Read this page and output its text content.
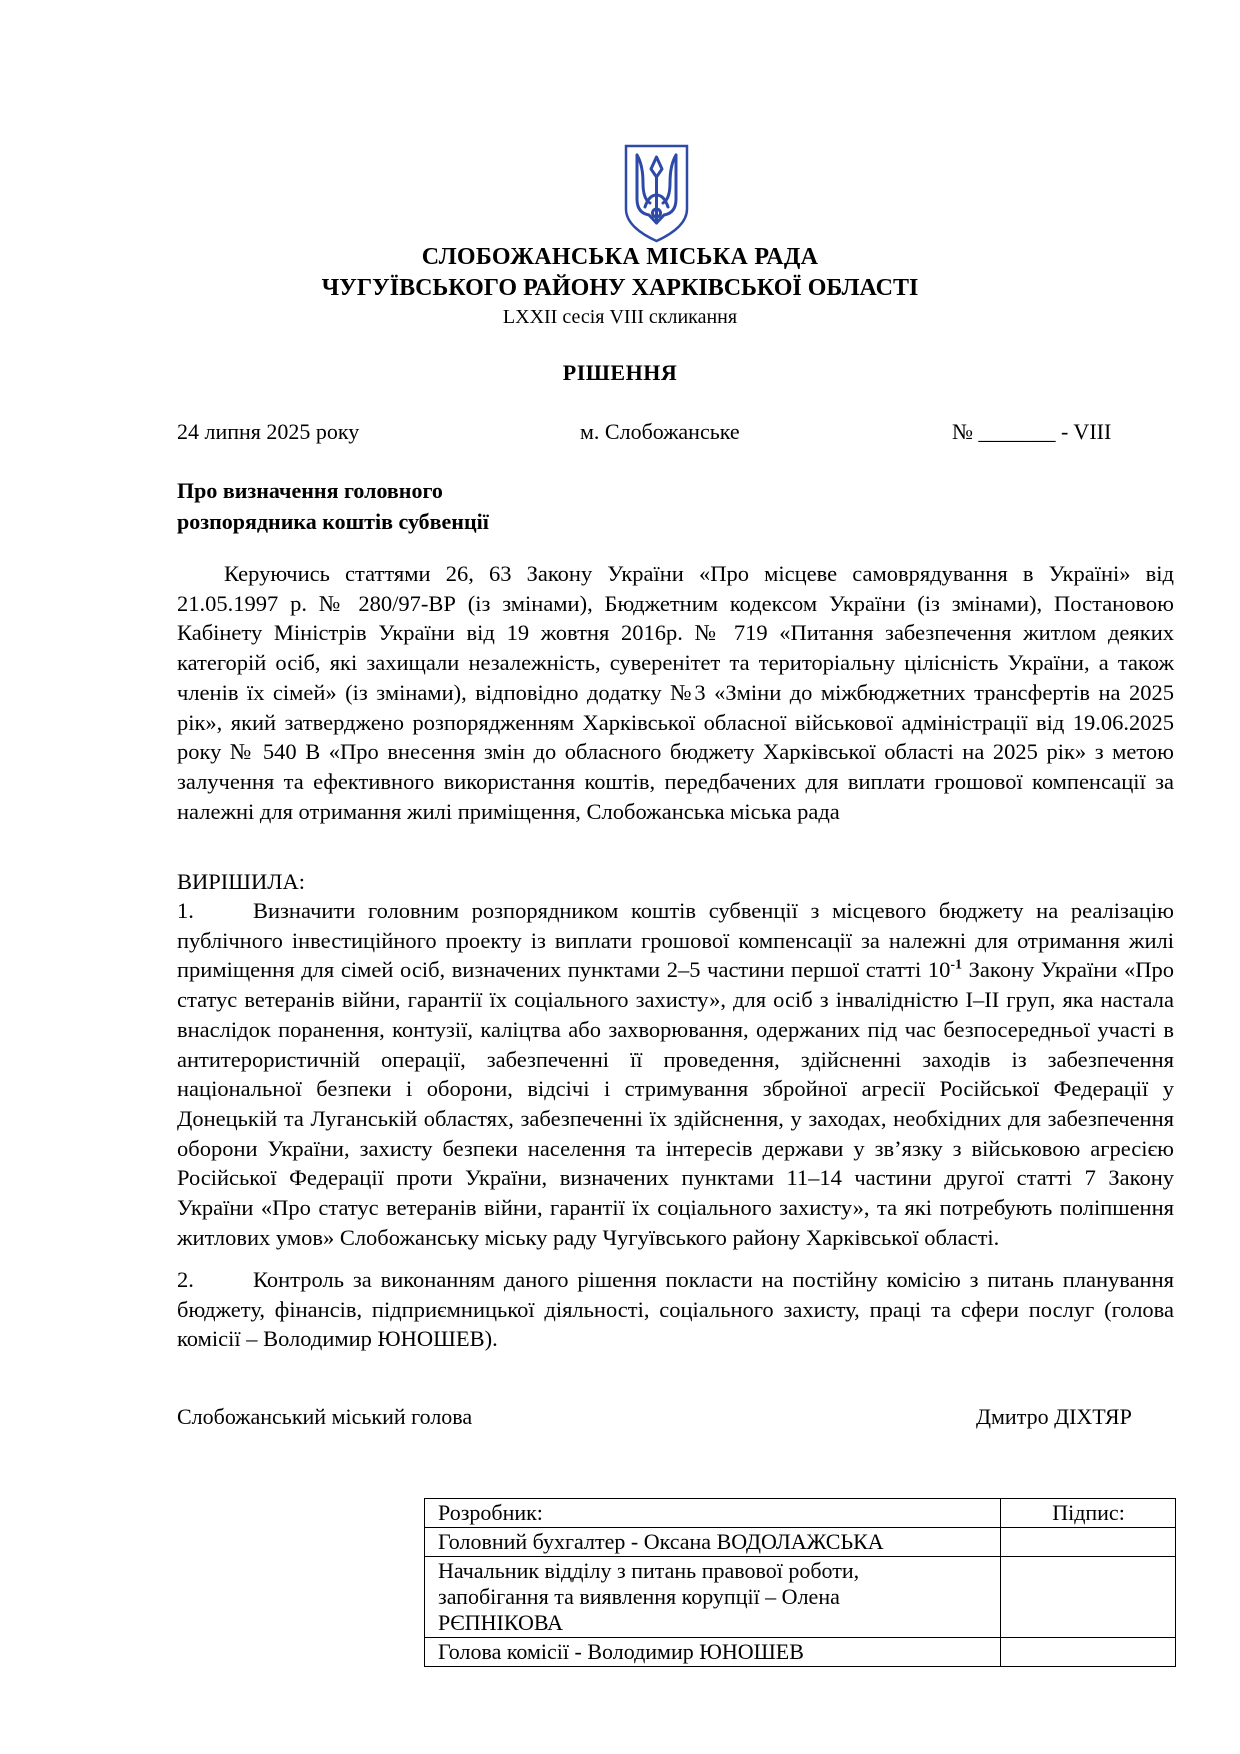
СЛОБОЖАНСЬКА МІСЬКА РАДА
ЧУГУЇВСЬКОГО РАЙОНУ ХАРКІВСЬКОЇ ОБЛАСТІ
LXXII сесія VIII скликання
РІШЕННЯ
24 липня 2025 року	м. Слобожанське	№ _______ - VIII
Про визначення головного
розпорядника коштів субвенції
Керуючись статтями 26, 63 Закону України «Про місцеве самоврядування в Україні» від 21.05.1997 р. № 280/97-ВР (із змінами), Бюджетним кодексом України (із змінами), Постановою Кабінету Міністрів України від 19 жовтня 2016р. № 719 «Питання забезпечення житлом деяких категорій осіб, які захищали незалежність, суверенітет та територіальну цілісність України, а також членів їх сімей» (із змінами), відповідно додатку №3 «Зміни до міжбюджетних трансфертів на 2025 рік», який затверджено розпорядженням Харківської обласної військової адміністрації від 19.06.2025 року № 540 В «Про внесення змін до обласного бюджету Харківської області на 2025 рік» з метою залучення та ефективного використання коштів, передбачених для виплати грошової компенсації за належні для отримання жилі приміщення, Слобожанська міська рада
ВИРІШИЛА:
1.	Визначити головним розпорядником коштів субвенції з місцевого бюджету на реалізацію публічного інвестиційного проекту із виплати грошової компенсації за належні для отримання жилі приміщення для сімей осіб, визначених пунктами 2–5 частини першої статті $10^{-1}$ Закону України «Про статус ветеранів війни, гарантії їх соціального захисту», для осіб з інвалідністю I–II груп, яка настала внаслідок поранення, контузії, каліцтва або захворювання, одержаних під час безпосередньої участі в антитерористичній операції, забезпеченні її проведення, здійсненні заходів із забезпечення національної безпеки і оборони, відсічі і стримування збройної агресії Російської Федерації у Донецькій та Луганській областях, забезпеченні їх здійснення, у заходах, необхідних для забезпечення оборони України, захисту безпеки населення та інтересів держави у зв’язку з військовою агресією Російської Федерації проти України, визначених пунктами 11–14 частини другої статті 7 Закону України «Про статус ветеранів війни, гарантії їх соціального захисту», та які потребують поліпшення житлових умов» Слобожанську міську раду Чугуївського району Харківської області.
2.	Контроль за виконанням даного рішення покласти на постійну комісію з питань планування бюджету, фінансів, підприємницької діяльності, соціального захисту, праці та сфери послуг (голова комісії – Володимир ЮНОШЕВ).
Слобожанський міський голова	Дмитро ДІХТЯР
Розробник:	Підпис:
Головний бухгалтер - Оксана ВОДОЛАЖСЬКА	

Начальник відділу з питань правової роботи,
запобігання та виявлення корупції – Олена
РЄПНІКОВА	

Голова комісії - Володимир ЮНОШЕВ	
